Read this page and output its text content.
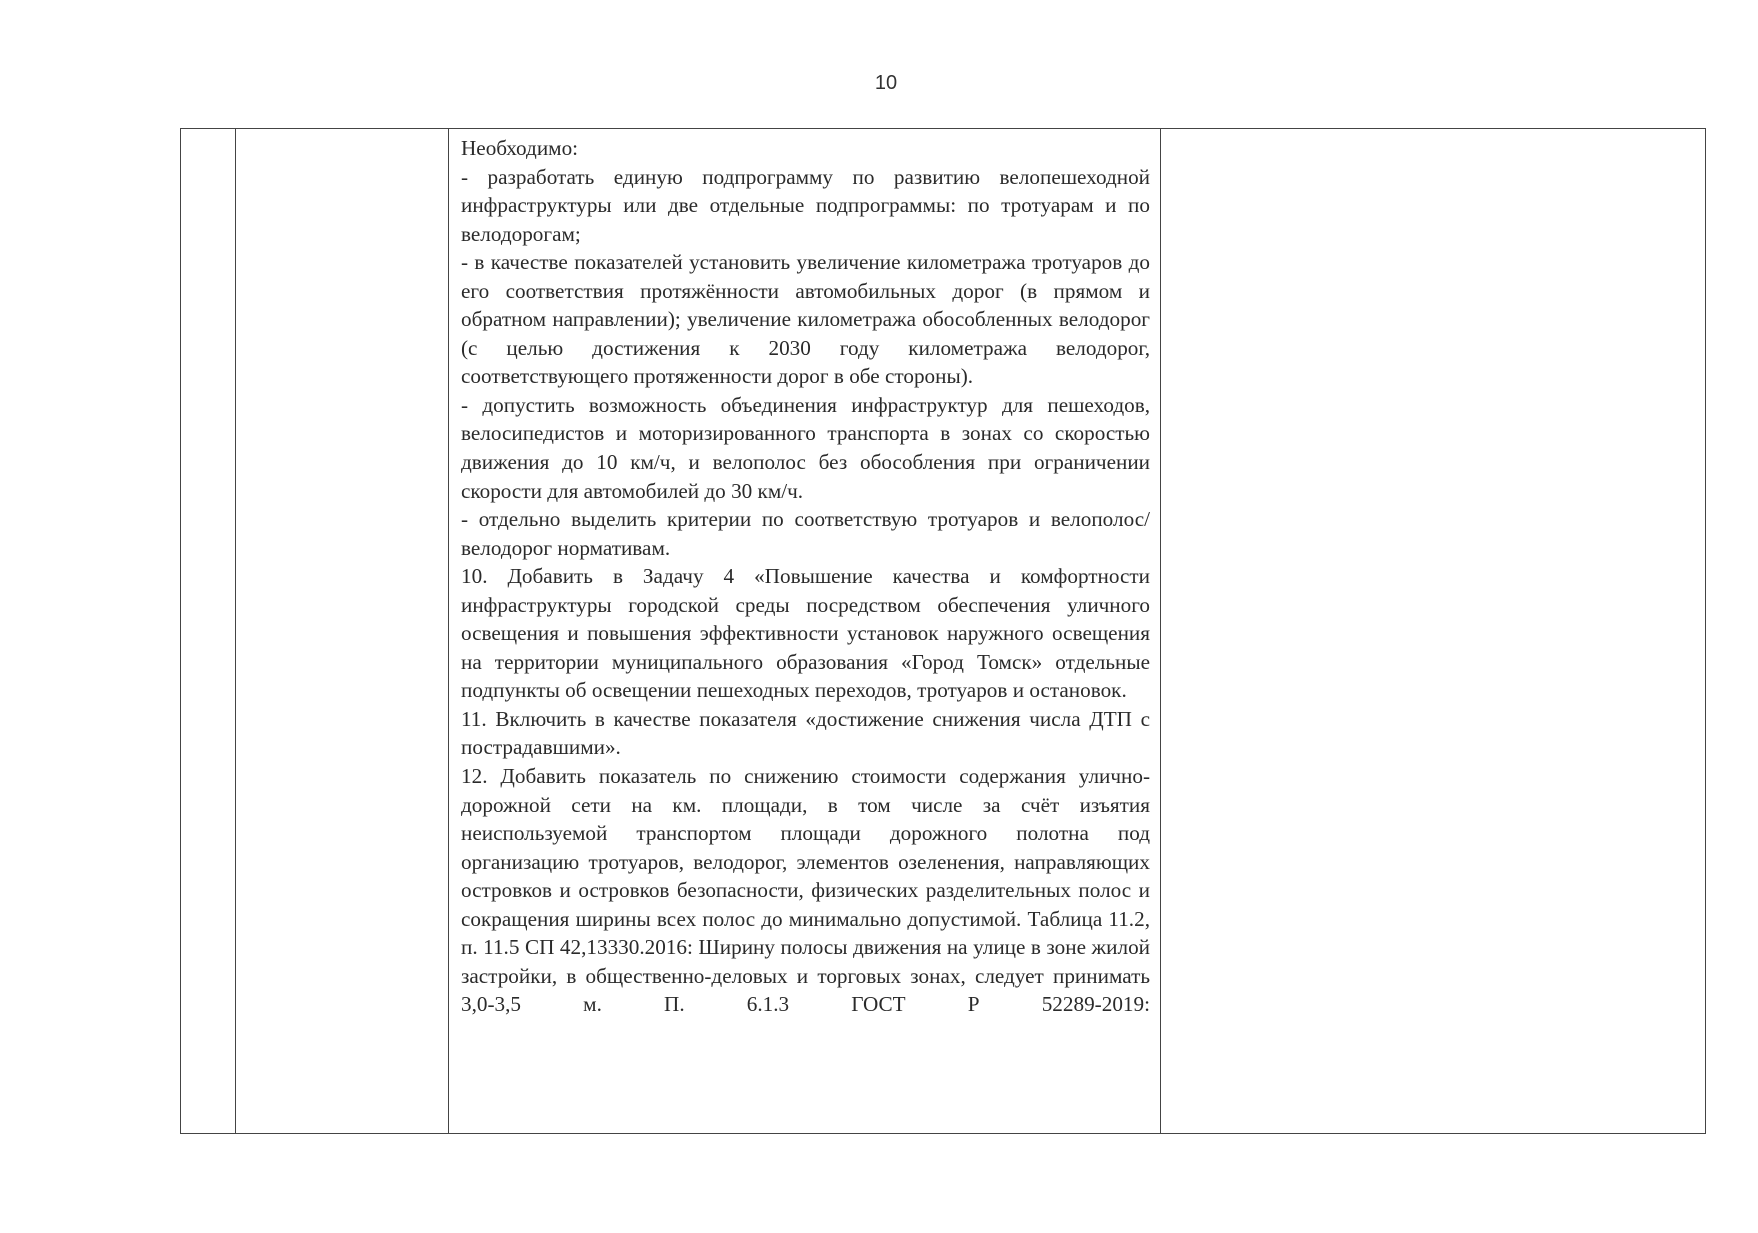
10

Необходимо:

- разработать единую подпрограмму по развитию велопешеходной инфраструктуры или две отдельные подпрограммы: по тротуарам и по велодорогам;

- в качестве показателей установить увеличение километража тротуаров до его соответствия протяжённости автомобильных дорог (в прямом и обратном направлении); увеличение километража обособленных велодорог (с целью достижения к 2030 году километража велодорог, соответствующего протяженности дорог в обе стороны).

- допустить возможность объединения инфраструктур для пешеходов, велосипедистов и моторизированного транспорта в зонах со скоростью движения до 10 км/ч, и велополос без обособления при ограничении скорости для автомобилей до 30 км/ч.

- отдельно выделить критерии по соответствую тротуаров и велополос/велодорог нормативам.

10. Добавить в Задачу 4 «Повышение качества и комфортности инфраструктуры городской среды посредством обеспечения уличного освещения и повышения эффективности установок наружного освещения на территории муниципального образования «Город Томск» отдельные подпункты об освещении пешеходных переходов, тротуаров и остановок.

11. Включить в качестве показателя «достижение снижения числа ДТП с пострадавшими».

12. Добавить показатель по снижению стоимости содержания улично-дорожной сети на км. площади, в том числе за счёт изъятия неиспользуемой транспортом площади дорожного полотна под организацию тротуаров, велодорог, элементов озеленения, направляющих островков и островков безопасности, физических разделительных полос и сокращения ширины всех полос до минимально допустимой. Таблица 11.2, п. 11.5 СП 42,13330.2016: Ширину полосы движения на улице в зоне жилой застройки, в общественно-деловых и торговых зонах, следует принимать 3,0-3,5 м. П. 6.1.3 ГОСТ Р 52289-2019:
